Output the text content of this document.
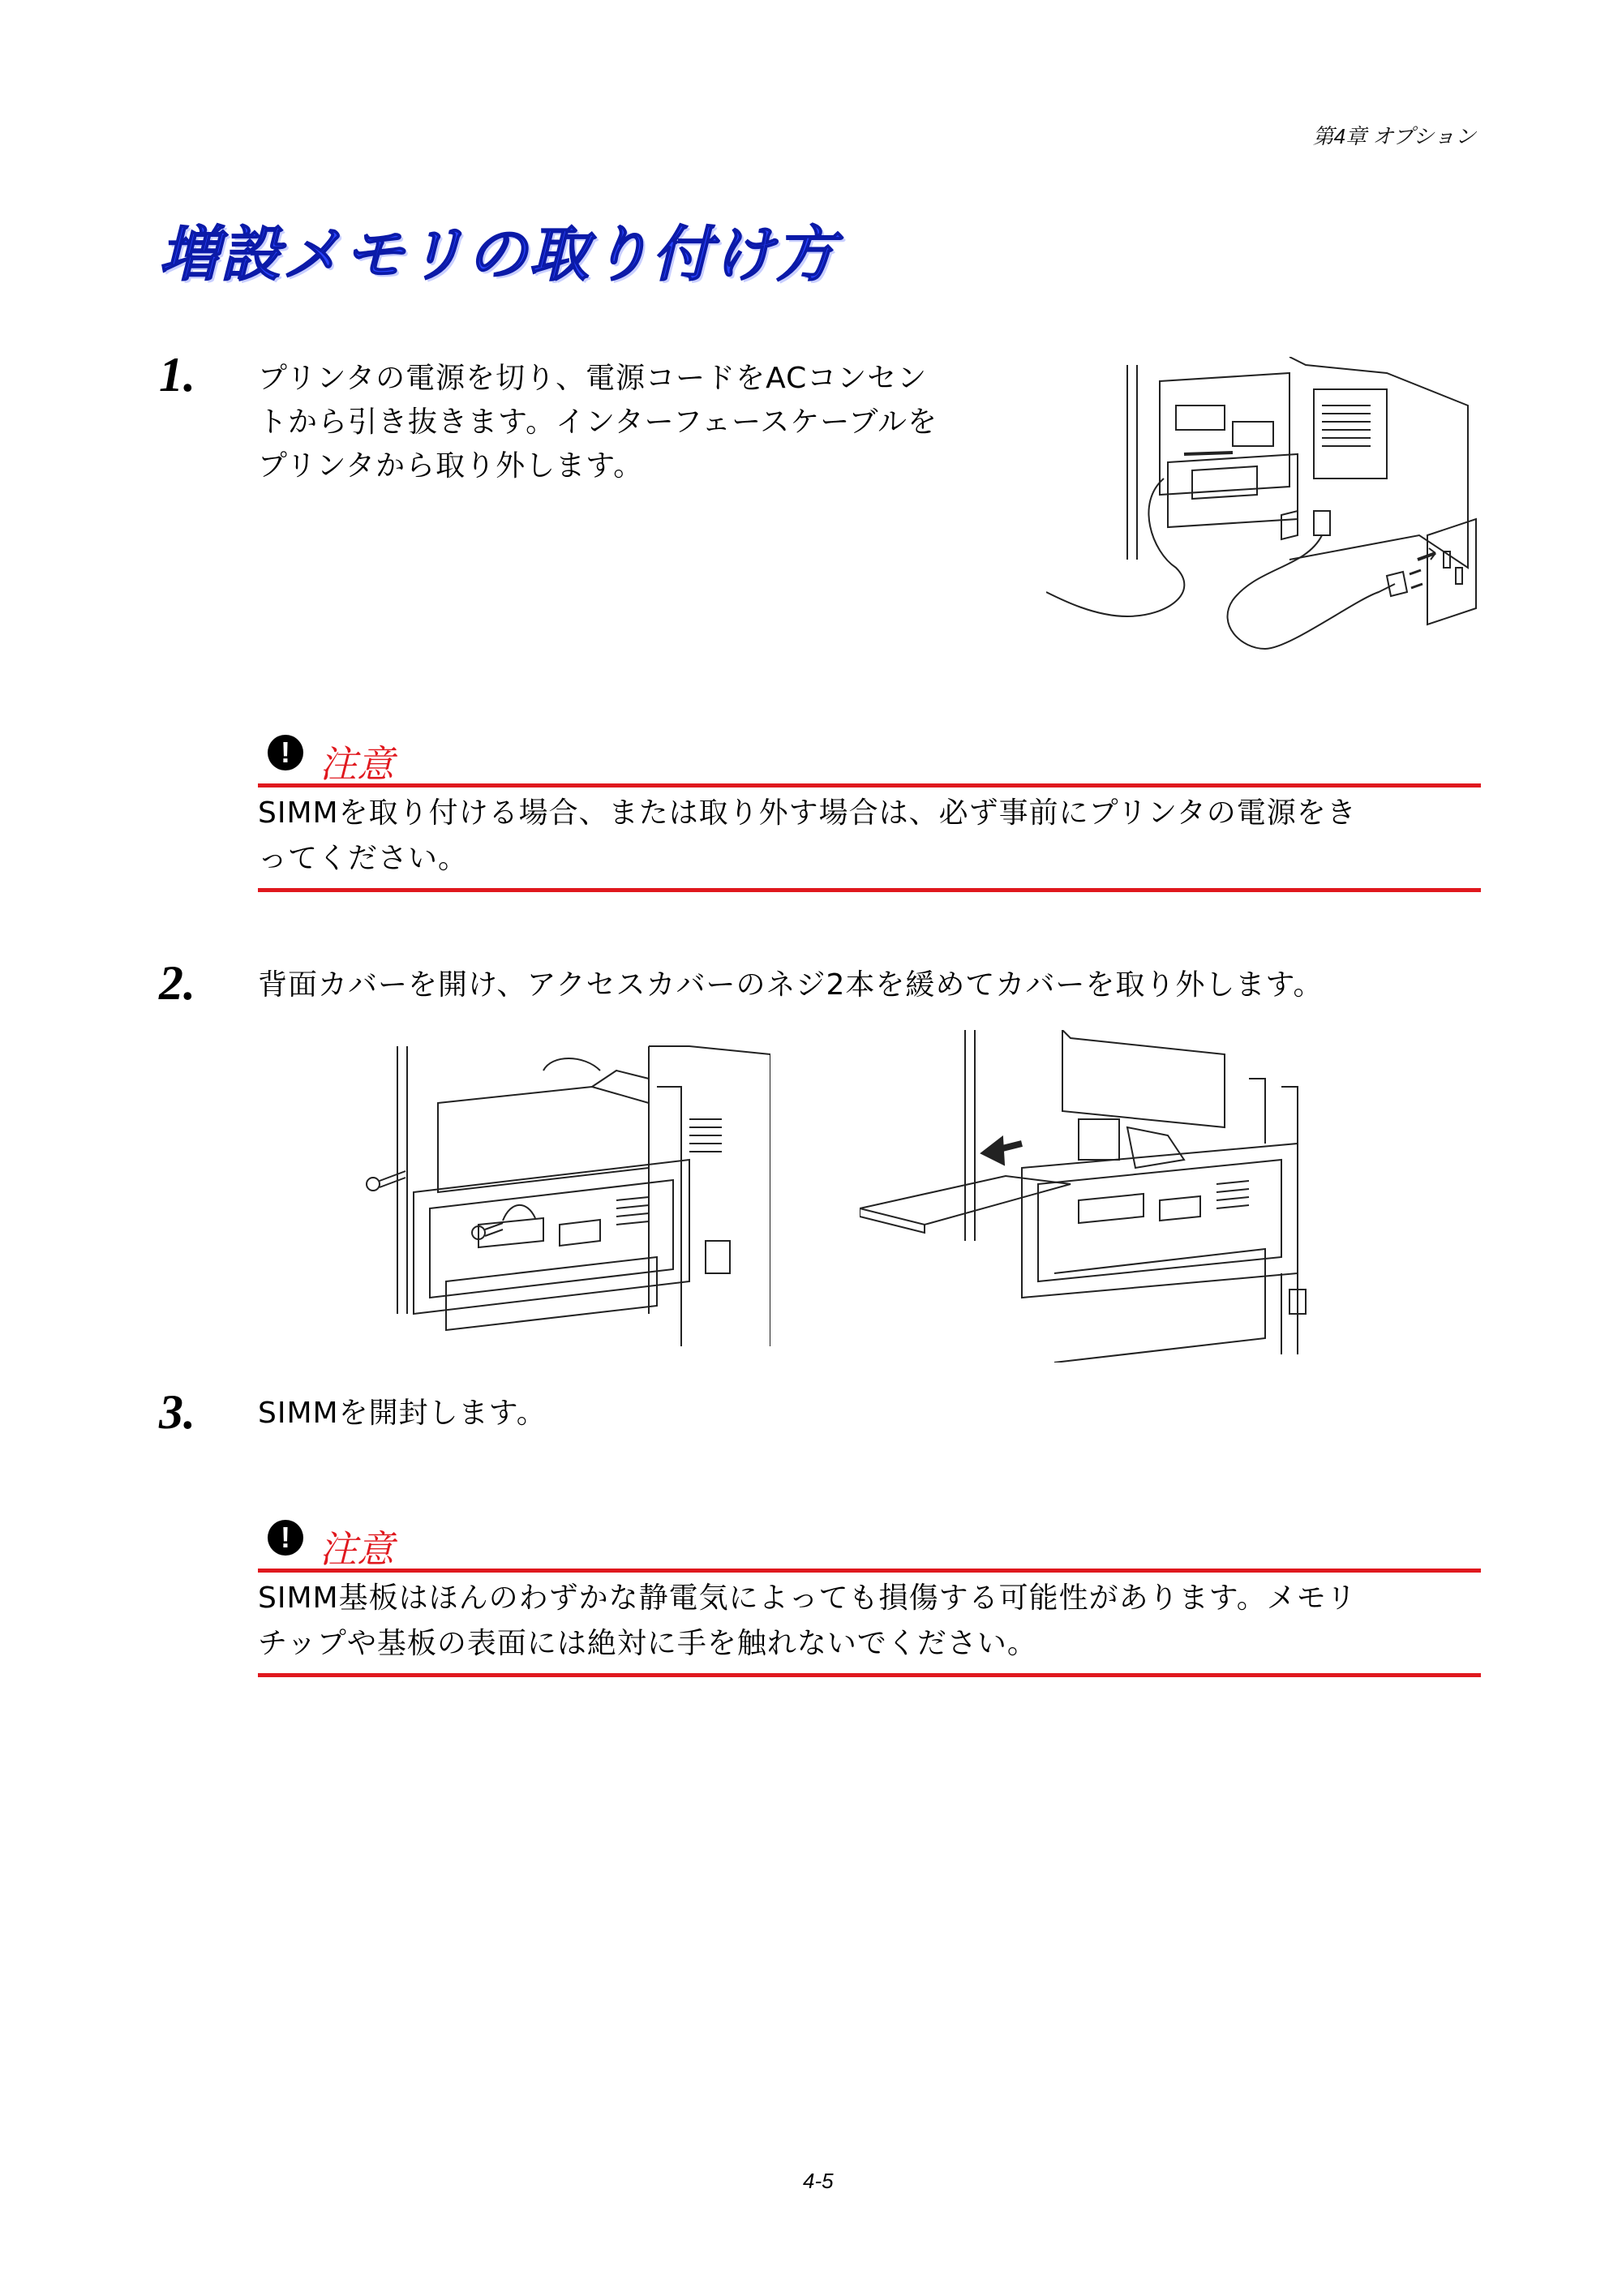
第4章 オプション
増設メモリの取り付け方
1. プリンタの電源を切り、電源コードをACコンセン
トから引き抜きます。インターフェースケーブルを
プリンタから取り外します。
! 注意
SIMMを取り付ける場合、または取り外す場合は、必ず事前にプリンタの電源をき
ってください。
2. 背面カバーを開け、アクセスカバーのネジ2本を緩めてカバーを取り外します。
3. SIMMを開封します。
! 注意
SIMM基板はほんのわずかな静電気によっても損傷する可能性があります。メモリ
チップや基板の表面には絶対に手を触れないでください。
4-5
